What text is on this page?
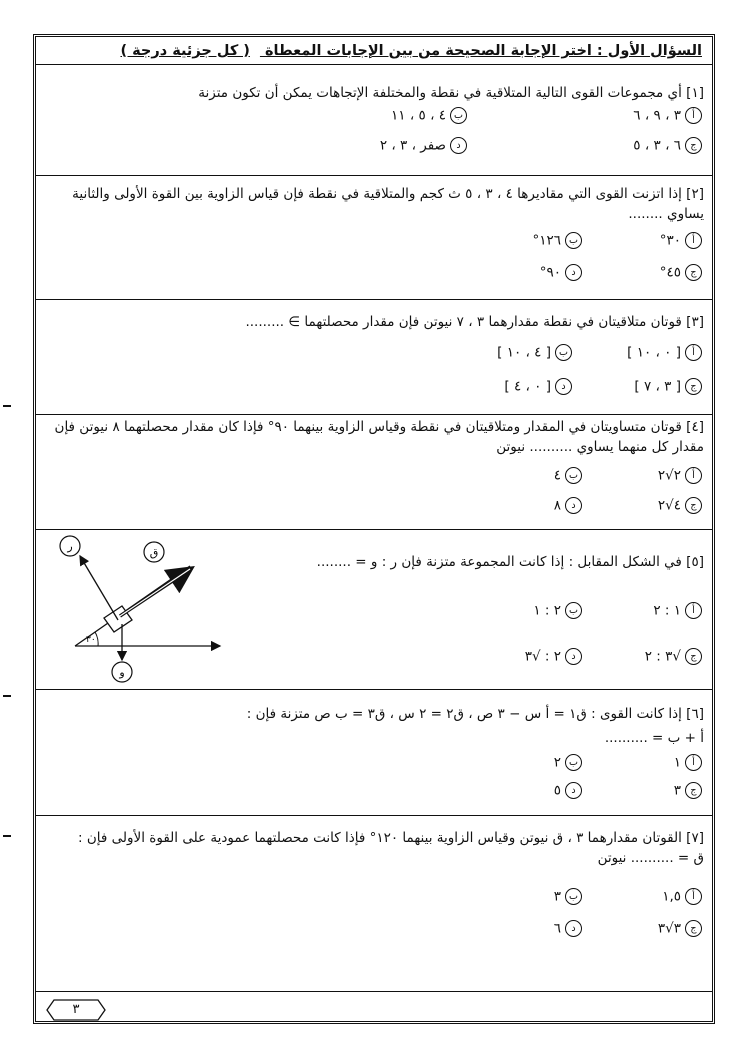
السؤال الأول : اختر الإجابة الصحيحة من بين الإجابات المعطاة ( كل جزئية درجة )
[١] أي مجموعات القوى التالية المتلاقية في نقطة والمختلفة الإتجاهات يمكن أن تكون متزنة
أ٣ ، ٩ ، ٦
ب٤ ، ٥ ، ١١
ج٦ ، ٣ ، ٥
دصفر ، ٣ ، ٢
[٢] إذا اتزنت القوى التي مقاديرها ٤ ، ٣ ، ٥ ث كجم والمتلاقية في نقطة فإن قياس الزاوية بين القوة الأولى والثانية يساوي ........
أ٣٠°
ب١٢٦°
ج٤٥°
د٩٠°
[٣] قوتان متلاقيتان في نقطة مقدارهما ٣ ، ٧ نيوتن فإن مقدار محصلتهما ∋ .........
أ[ ٠ ، ١٠ ]
ب[ ٤ ، ١٠ ]
ج[ ٣ ، ٧ ]
د[ ٠ ، ٤ ]
[٤] قوتان متساويتان في المقدار ومتلاقيتان في نقطة وقياس الزاوية بينهما ٩٠° فإذا كان مقدار محصلتهما ٨ نيوتن فإن مقدار كل منهما يساوي .......... نيوتن
أ٢√٢
ب٤
ج٤√٢
د٨
[٥] في الشكل المقابل : إذا كانت المجموعة متزنة فإن ر : و = ........
أ١ : ٢
ب٢ : ١
ج√٣ : ٢
د٢ : √٣
٣٠
ر	ق
و
[٦] إذا كانت القوى : ق١ = أ س − ٣ ص ، ق٢ = ٢ س ، ق٣ = ب ص متزنة فإن :
أ + ب = ..........
أ١
ب٢
ج٣
د٥
[٧] القوتان مقدارهما ٣ ، ق نيوتن وقياس الزاوية بينهما ١٢٠° فإذا كانت محصلتهما عمودية على القوة الأولى فإن : ق = .......... نيوتن
أ١,٥
ب٣
ج٣√٣
د٦
٣
